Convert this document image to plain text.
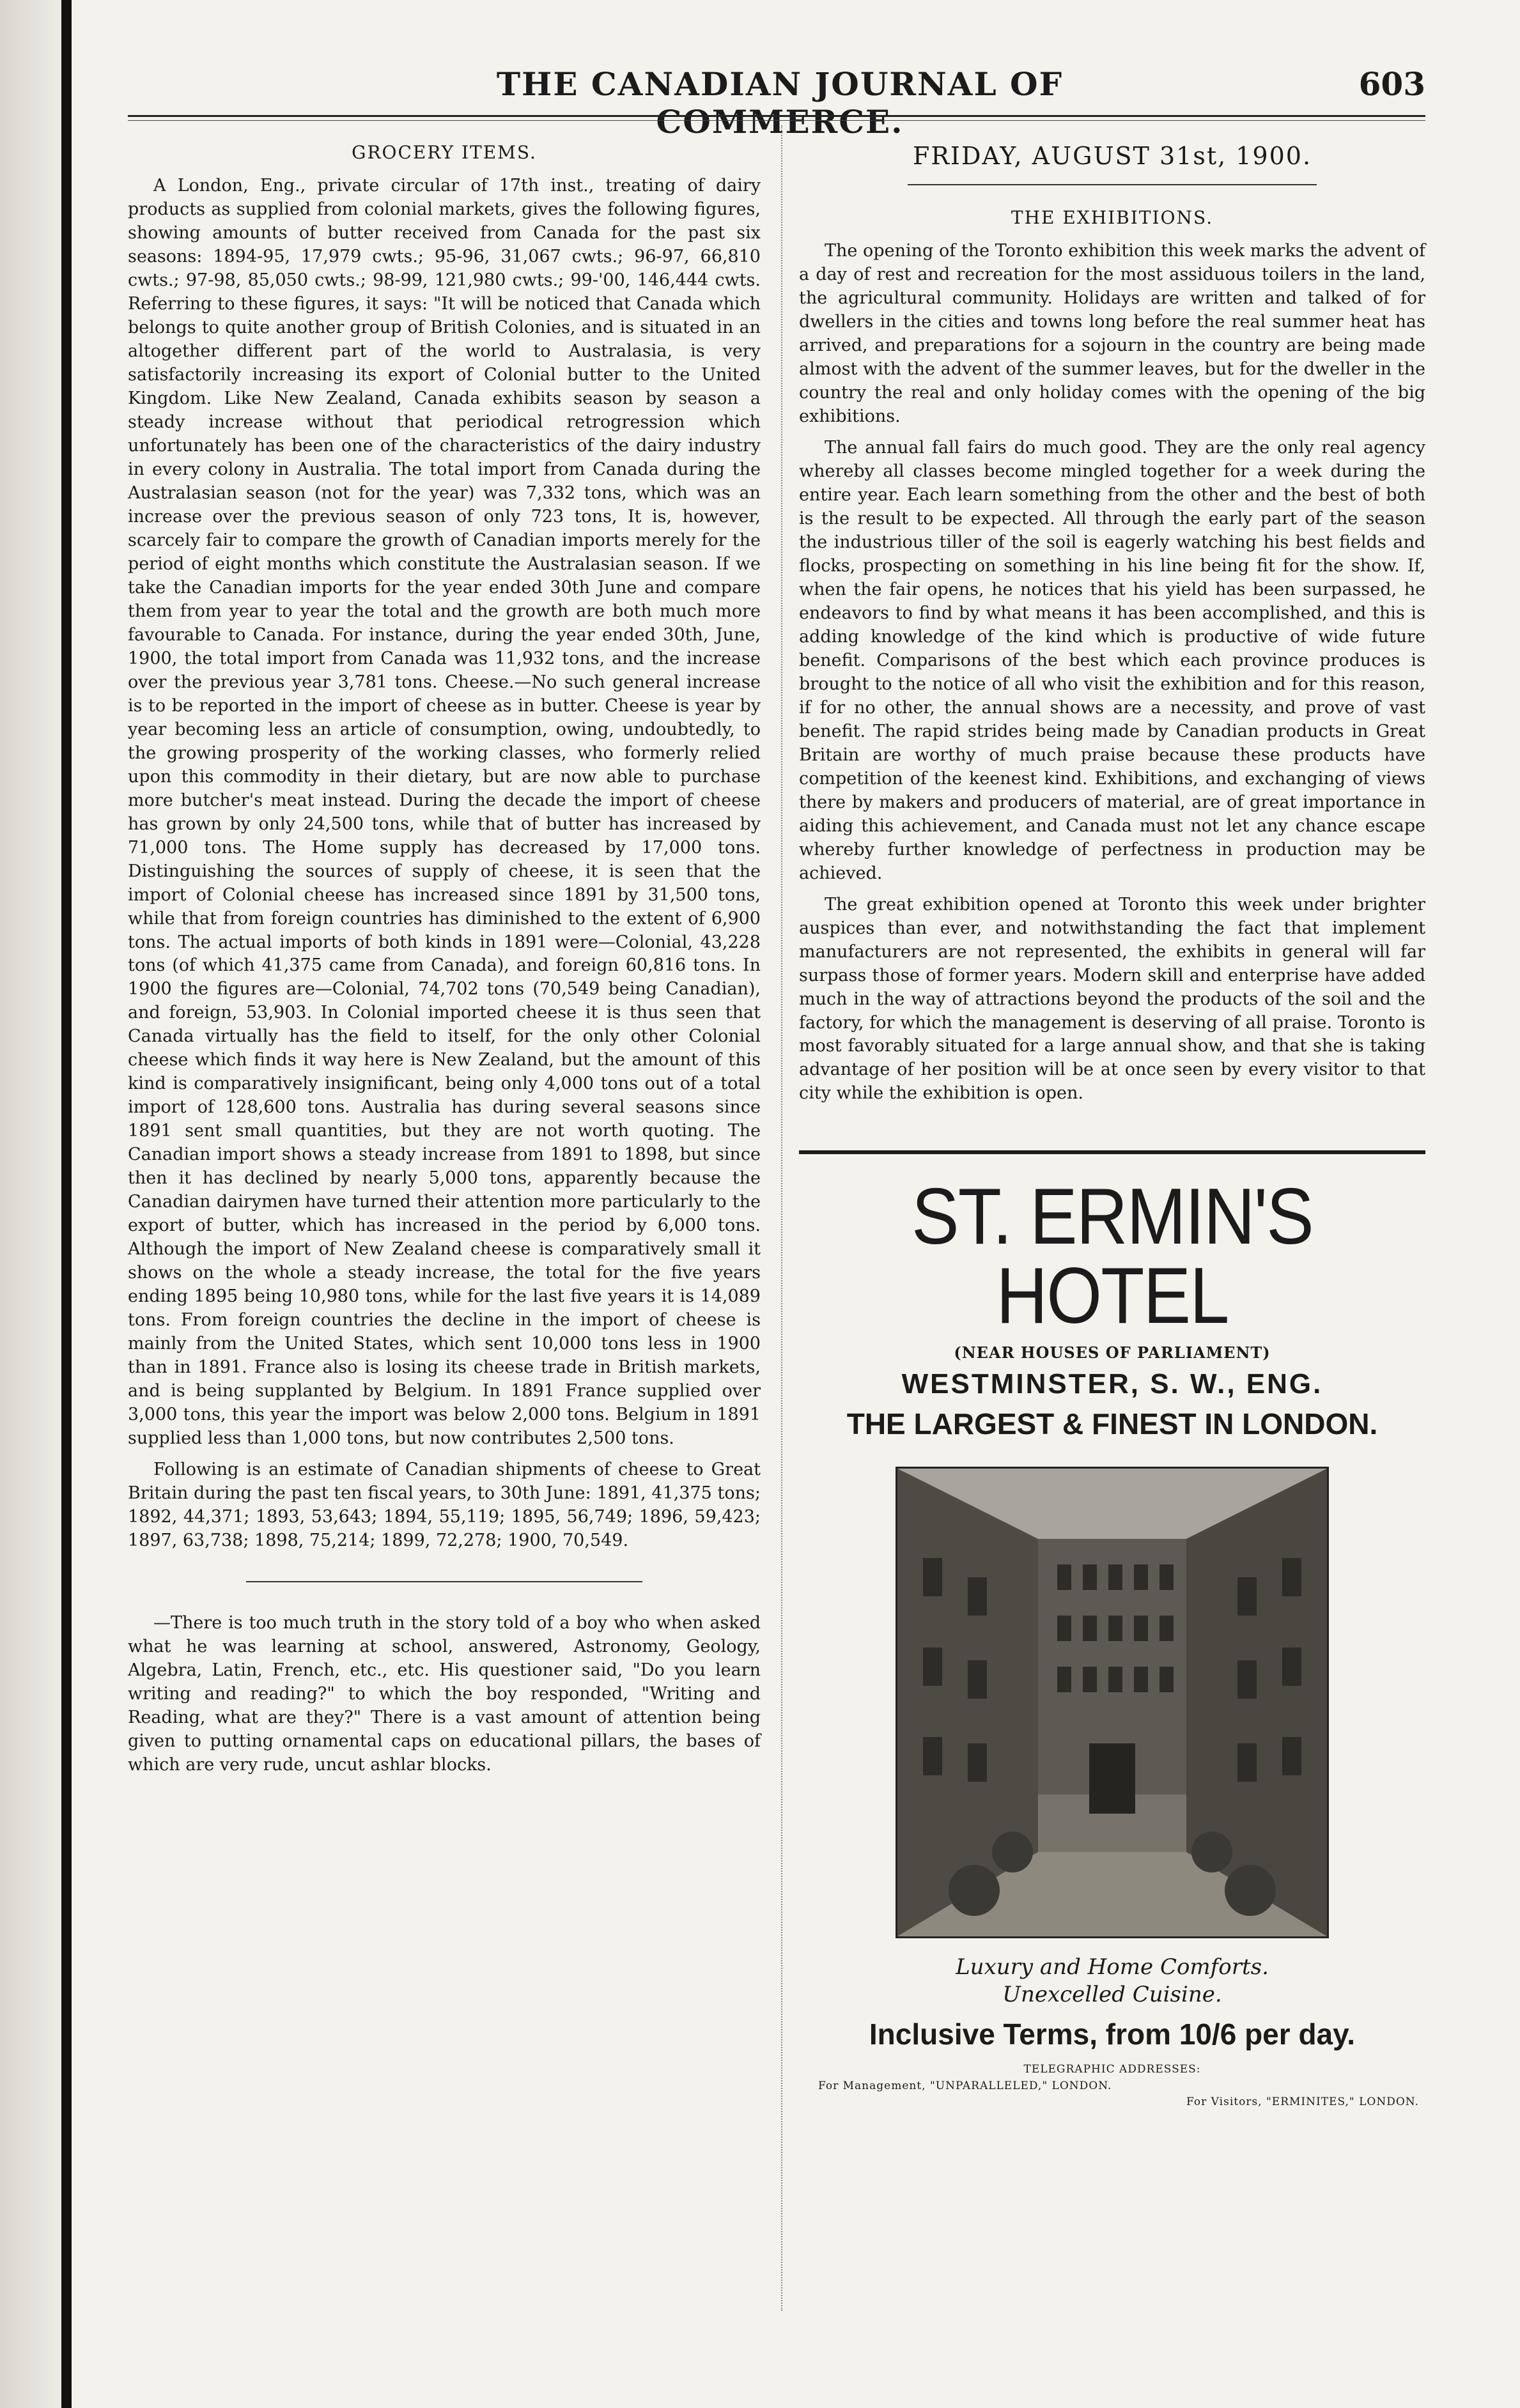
THE CANADIAN JOURNAL OF COMMERCE.
603
GROCERY ITEMS.

A London, Eng., private circular of 17th inst., treating of dairy products as supplied from colonial markets, gives the following figures, showing amounts of butter received from Canada for the past six seasons: 1894-95, 17,979 cwts.; 95-96, 31,067 cwts.; 96-97, 66,810 cwts.; 97-98, 85,050 cwts.; 98-99, 121,980 cwts.; 99-'00, 146,444 cwts. Referring to these figures, it says: "It will be noticed that Canada which belongs to quite another group of British Colonies, and is situated in an altogether different part of the world to Australasia, is very satisfactorily increasing its export of Colonial butter to the United Kingdom. Like New Zealand, Canada exhibits season by season a steady increase without that periodical retrogression which unfortunately has been one of the characteristics of the dairy industry in every colony in Australia. The total import from Canada during the Australasian season (not for the year) was 7,332 tons, which was an increase over the previous season of only 723 tons, It is, however, scarcely fair to compare the growth of Canadian imports merely for the period of eight months which constitute the Australasian season. If we take the Canadian imports for the year ended 30th June and compare them from year to year the total and the growth are both much more favourable to Canada. For instance, during the year ended 30th, June, 1900, the total import from Canada was 11,932 tons, and the increase over the previous year 3,781 tons. Cheese.—No such general increase is to be reported in the import of cheese as in butter. Cheese is year by year becoming less an article of consumption, owing, undoubtedly, to the growing prosperity of the working classes, who formerly relied upon this commodity in their dietary, but are now able to purchase more butcher's meat instead. During the decade the import of cheese has grown by only 24,500 tons, while that of butter has increased by 71,000 tons. The Home supply has decreased by 17,000 tons. Distinguishing the sources of supply of cheese, it is seen that the import of Colonial cheese has increased since 1891 by 31,500 tons, while that from foreign countries has diminished to the extent of 6,900 tons. The actual imports of both kinds in 1891 were—Colonial, 43,228 tons (of which 41,375 came from Canada), and foreign 60,816 tons. In 1900 the figures are—Colonial, 74,702 tons (70,549 being Canadian), and foreign, 53,903. In Colonial imported cheese it is thus seen that Canada virtually has the field to itself, for the only other Colonial cheese which finds it way here is New Zealand, but the amount of this kind is comparatively insignificant, being only 4,000 tons out of a total import of 128,600 tons. Australia has during several seasons since 1891 sent small quantities, but they are not worth quoting. The Canadian import shows a steady increase from 1891 to 1898, but since then it has declined by nearly 5,000 tons, apparently because the Canadian dairymen have turned their attention more particularly to the export of butter, which has increased in the period by 6,000 tons. Although the import of New Zealand cheese is comparatively small it shows on the whole a steady increase, the total for the five years ending 1895 being 10,980 tons, while for the last five years it is 14,089 tons. From foreign countries the decline in the import of cheese is mainly from the United States, which sent 10,000 tons less in 1900 than in 1891. France also is losing its cheese trade in British markets, and is being supplanted by Belgium. In 1891 France supplied over 3,000 tons, this year the import was below 2,000 tons. Belgium in 1891 supplied less than 1,000 tons, but now contributes 2,500 tons.

Following is an estimate of Canadian shipments of cheese to Great Britain during the past ten fiscal years, to 30th June: 1891, 41,375 tons; 1892, 44,371; 1893, 53,643; 1894, 55,119; 1895, 56,749; 1896, 59,423; 1897, 63,738; 1898, 75,214; 1899, 72,278; 1900, 70,549.

—There is too much truth in the story told of a boy who when asked what he was learning at school, answered, Astronomy, Geology, Algebra, Latin, French, etc., etc. His questioner said, "Do you learn writing and reading?" to which the boy responded, "Writing and Reading, what are they?" There is a vast amount of attention being given to putting ornamental caps on educational pillars, the bases of which are very rude, uncut ashlar blocks.

FRIDAY, AUGUST 31st, 1900.
THE EXHIBITIONS.

The opening of the Toronto exhibition this week marks the advent of a day of rest and recreation for the most assiduous toilers in the land, the agricultural community. Holidays are written and talked of for dwellers in the cities and towns long before the real summer heat has arrived, and preparations for a sojourn in the country are being made almost with the advent of the summer leaves, but for the dweller in the country the real and only holiday comes with the opening of the big exhibitions.

The annual fall fairs do much good. They are the only real agency whereby all classes become mingled together for a week during the entire year. Each learn something from the other and the best of both is the result to be expected. All through the early part of the season the industrious tiller of the soil is eagerly watching his best fields and flocks, prospecting on something in his line being fit for the show. If, when the fair opens, he notices that his yield has been surpassed, he endeavors to find by what means it has been accomplished, and this is adding knowledge of the kind which is productive of wide future benefit. Comparisons of the best which each province produces is brought to the notice of all who visit the exhibition and for this reason, if for no other, the annual shows are a necessity, and prove of vast benefit. The rapid strides being made by Canadian products in Great Britain are worthy of much praise because these products have competition of the keenest kind. Exhibitions, and exchanging of views there by makers and producers of material, are of great importance in aiding this achievement, and Canada must not let any chance escape whereby further knowledge of perfectness in production may be achieved.

The great exhibition opened at Toronto this week under brighter auspices than ever, and notwithstanding the fact that implement manufacturers are not represented, the exhibits in general will far surpass those of former years. Modern skill and enterprise have added much in the way of attractions beyond the products of the soil and the factory, for which the management is deserving of all praise. Toronto is most favorably situated for a large annual show, and that she is taking advantage of her position will be at once seen by every visitor to that city while the exhibition is open.

ST. ERMIN'S HOTEL
(NEAR HOUSES OF PARLIAMENT)
WESTMINSTER, S. W., ENG.
THE LARGEST & FINEST IN LONDON.

Luxury and Home Comforts.

Unexcelled Cuisine.

Inclusive Terms, from 10/6 per day.

TELEGRAPHIC ADDRESSES:

For Management, "UNPARALLELED," LONDON.

For Visitors, "ERMINITES," LONDON.
